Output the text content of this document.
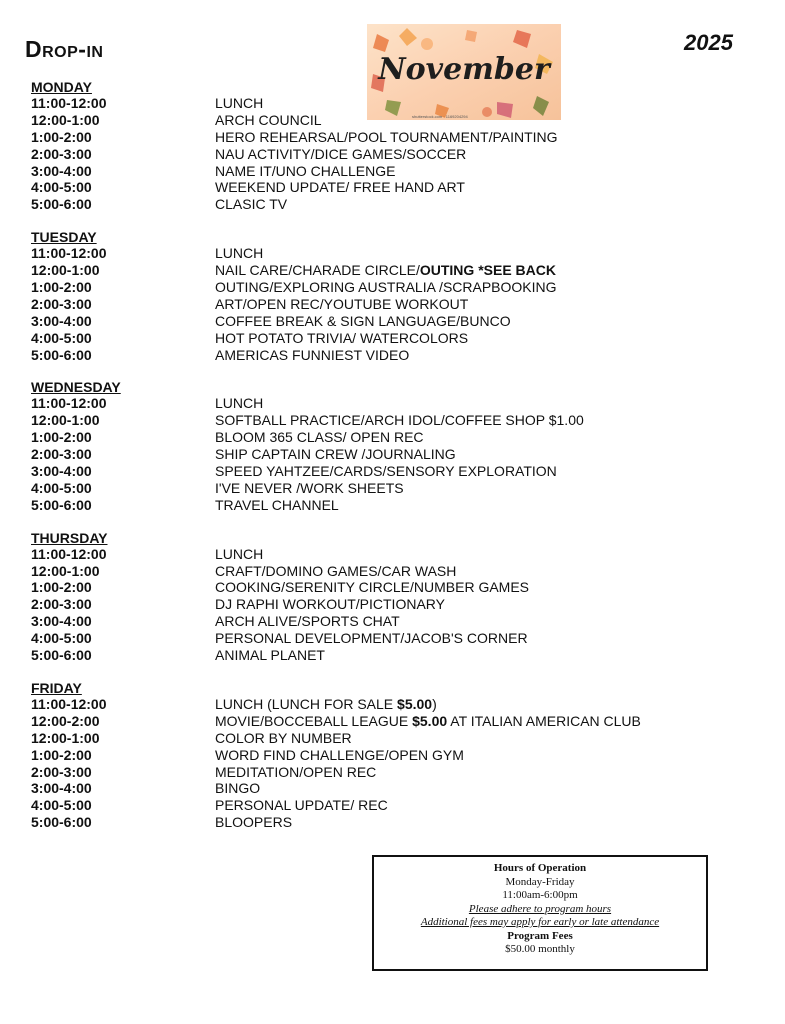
Drop-in	2025
November
shutterstock.com · 1169204294
MONDAY
11:00-12:00	LUNCH
12:00-1:00	ARCH COUNCIL
1:00-2:00	HERO REHEARSAL/POOL TOURNAMENT/PAINTING
2:00-3:00	NAU ACTIVITY/DICE GAMES/SOCCER
3:00-4:00	NAME IT/UNO CHALLENGE
4:00-5:00	WEEKEND UPDATE/ FREE HAND ART
5:00-6:00	CLASIC TV
TUESDAY
11:00-12:00	LUNCH
12:00-1:00	NAIL CARE/CHARADE CIRCLE/OUTING *SEE BACK
1:00-2:00	OUTING/EXPLORING AUSTRALIA /SCRAPBOOKING
2:00-3:00	ART/OPEN REC/YOUTUBE WORKOUT
3:00-4:00	COFFEE BREAK & SIGN LANGUAGE/BUNCO
4:00-5:00	HOT POTATO TRIVIA/ WATERCOLORS
5:00-6:00	AMERICAS FUNNIEST VIDEO
WEDNESDAY
11:00-12:00	LUNCH
12:00-1:00	SOFTBALL PRACTICE/ARCH IDOL/COFFEE SHOP $1.00
1:00-2:00	BLOOM 365 CLASS/ OPEN REC
2:00-3:00	SHIP CAPTAIN CREW /JOURNALING
3:00-4:00	SPEED YAHTZEE/CARDS/SENSORY EXPLORATION
4:00-5:00	I'VE NEVER /WORK SHEETS
5:00-6:00	TRAVEL CHANNEL
THURSDAY
11:00-12:00	LUNCH
12:00-1:00	CRAFT/DOMINO GAMES/CAR WASH
1:00-2:00	COOKING/SERENITY CIRCLE/NUMBER GAMES
2:00-3:00	DJ RAPHI WORKOUT/PICTIONARY
3:00-4:00	ARCH ALIVE/SPORTS CHAT
4:00-5:00	PERSONAL DEVELOPMENT/JACOB'S CORNER
5:00-6:00	ANIMAL PLANET
FRIDAY
11:00-12:00	LUNCH (LUNCH FOR SALE $5.00)
12:00-2:00	MOVIE/BOCCEBALL LEAGUE $5.00 AT ITALIAN AMERICAN CLUB
12:00-1:00	COLOR BY NUMBER
1:00-2:00	WORD FIND CHALLENGE/OPEN GYM
2:00-3:00	MEDITATION/OPEN REC
3:00-4:00	BINGO
4:00-5:00	PERSONAL UPDATE/ REC
5:00-6:00	BLOOPERS
Hours of Operation
Monday-Friday
11:00am-6:00pm
Please adhere to program hours
Additional fees may apply for early or late attendance
Program Fees
$50.00 monthly
